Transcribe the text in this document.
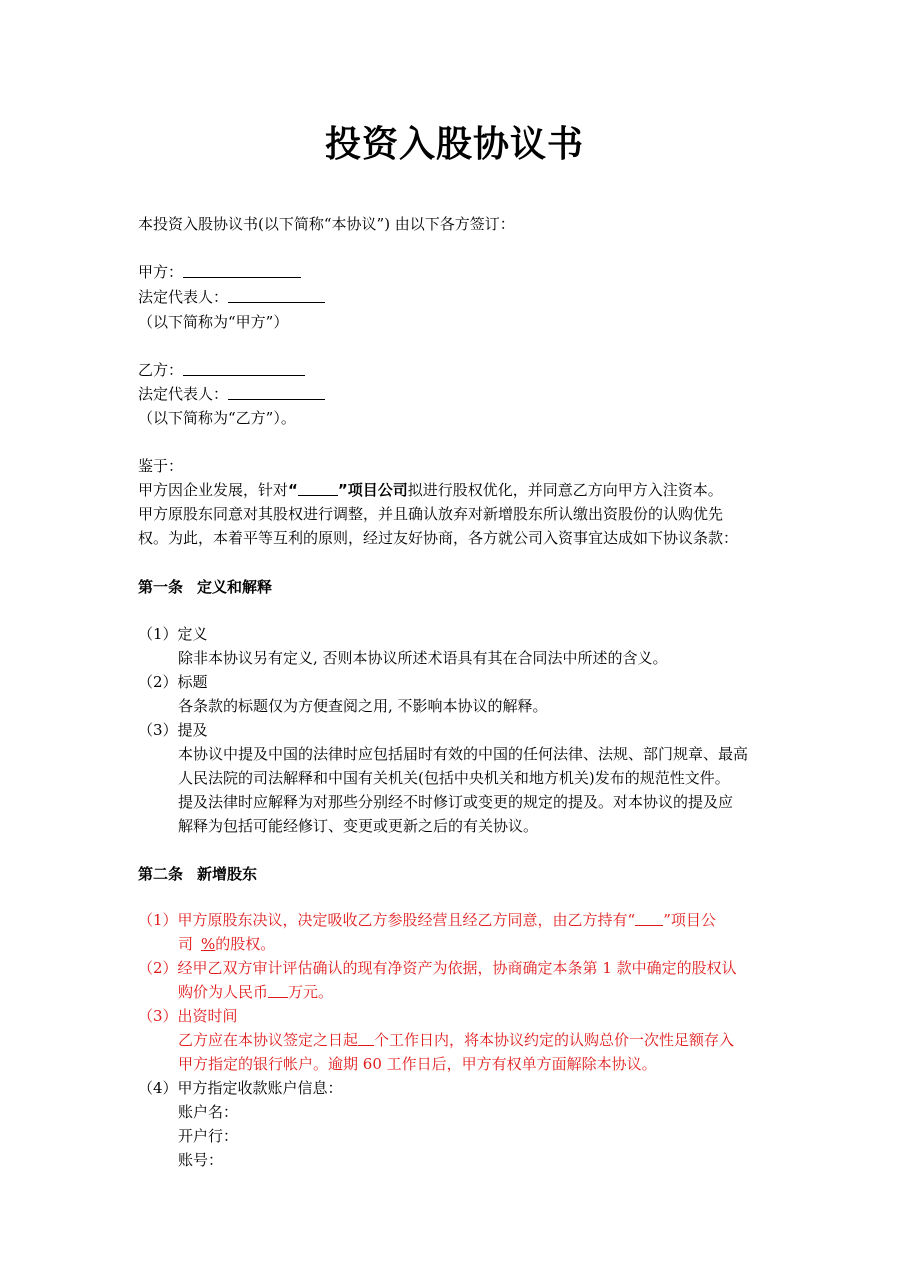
投资入股协议书
本投资入股协议书(以下简称“本协议”) 由以下各方签订：
甲方：
法定代表人：
（以下简称为“甲方”）
乙方：
法定代表人：
（以下简称为“乙方”）。
鉴于：
甲方因企业发展，针对“	”项目公司拟进行股权优化，并同意乙方向甲方入注资本。
甲方原股东同意对其股权进行调整，并且确认放弃对新增股东所认缴出资股份的认购优先
权。为此，本着平等互利的原则，经过友好协商，各方就公司入资事宜达成如下协议条款：
第一条 定义和解释
（1）定义
除非本协议另有定义, 否则本协议所述术语具有其在合同法中所述的含义。
（2）标题
各条款的标题仅为方便查阅之用, 不影响本协议的解释。
（3）提及
本协议中提及中国的法律时应包括届时有效的中国的任何法律、法规、部门规章、最高
人民法院的司法解释和中国有关机关(包括中央机关和地方机关)发布的规范性文件。
提及法律时应解释为对那些分别经不时修订或变更的规定的提及。对本协议的提及应
解释为包括可能经修订、变更或更新之后的有关协议。
第二条 新增股东
（1）甲方原股东决议，决定吸收乙方参股经营且经乙方同意，由乙方持有“ ”项目公
司 %的股权。
（2）经甲乙双方审计评估确认的现有净资产为依据，协商确定本条第 1 款中确定的股权认
购价为人民币 万元。
（3）出资时间
乙方应在本协议签定之日起 个工作日内，将本协议约定的认购总价一次性足额存入
甲方指定的银行帐户。逾期 60 工作日后，甲方有权单方面解除本协议。
（4）甲方指定收款账户信息：
账户名：
开户行：
账号：
